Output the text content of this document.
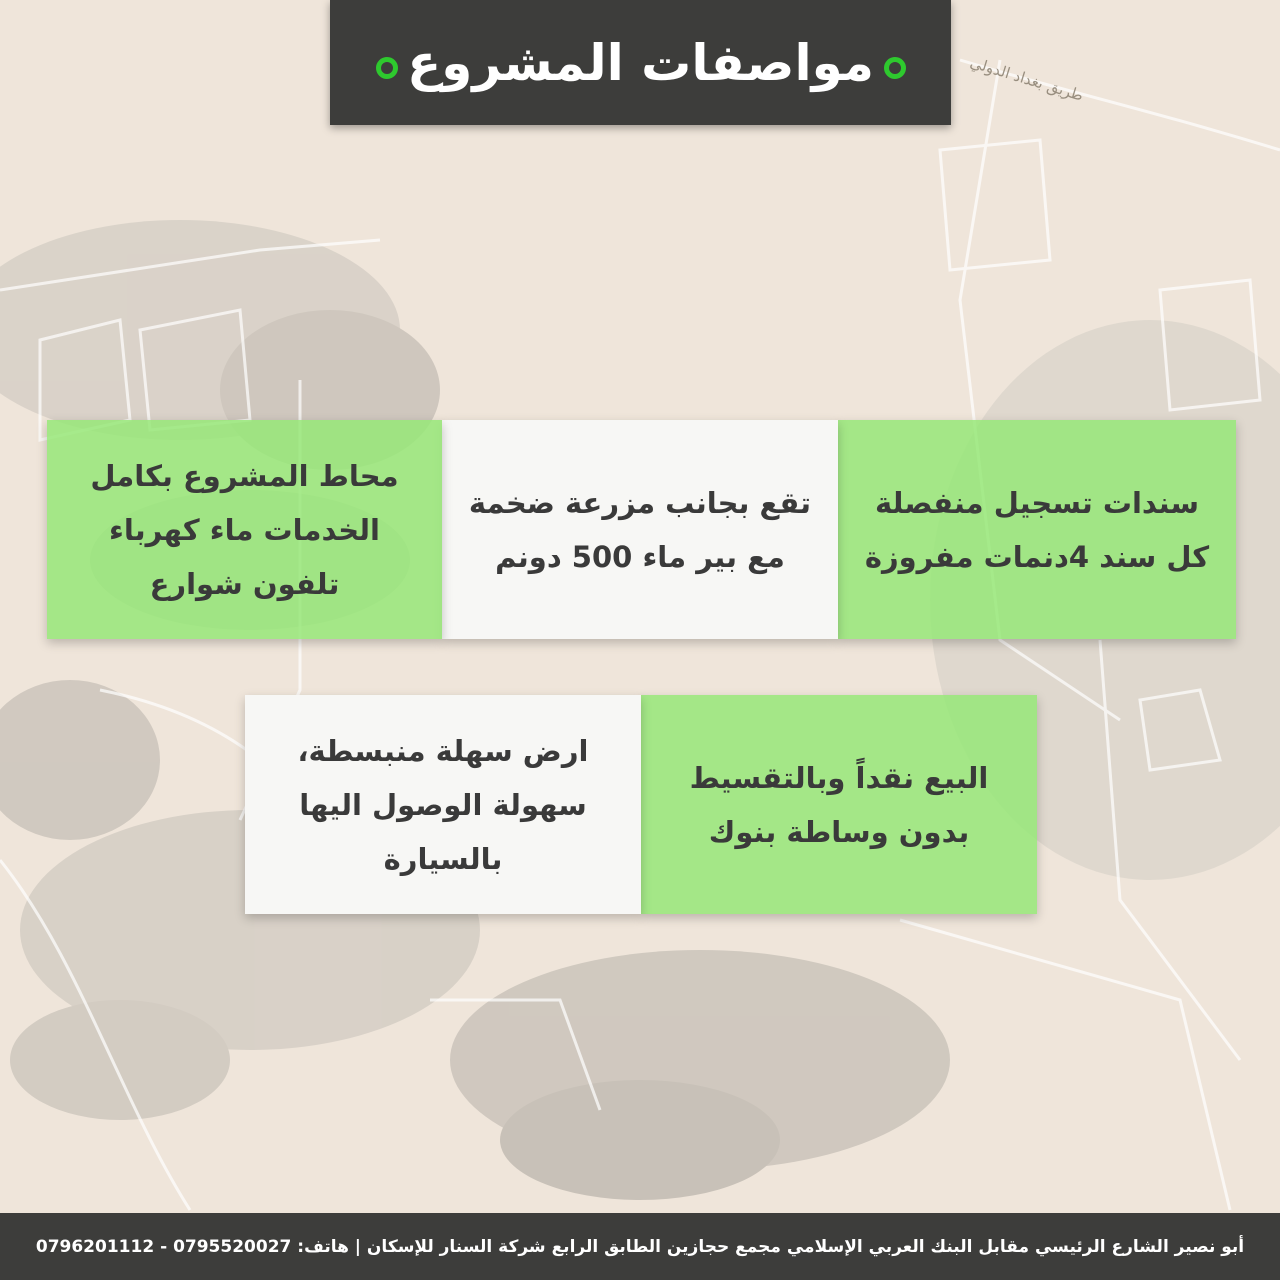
طريق بغداد الدولي
مواصفات المشروع
سندات تسجيل منفصلة كل سند 4دنمات مفروزة
تقع بجانب مزرعة ضخمة مع بير ماء 500 دونم
محاط المشروع بكامل الخدمات ماء كهرباء تلفون شوارع
البيع نقداً وبالتقسيط بدون وساطة بنوك
ارض سهلة منبسطة، سهولة الوصول اليها بالسيارة
أبو نصير الشارع الرئيسي مقابل البنك العربي الإسلامي مجمع حجازين الطابق الرابع شركة السنار للإسكان | هاتف: 0795520027 - 0796201112
